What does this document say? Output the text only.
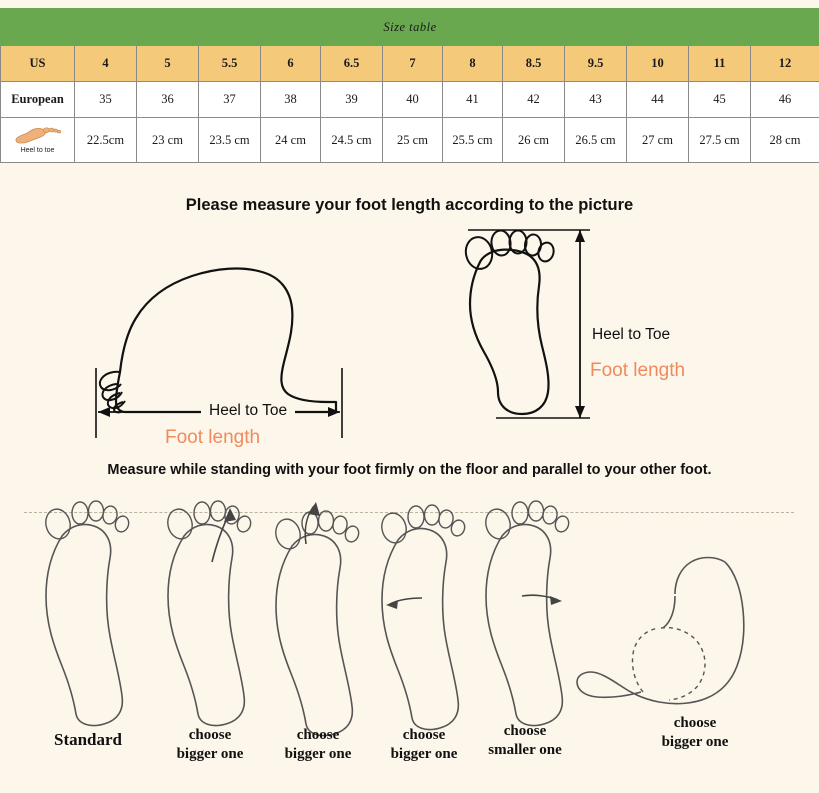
Size table												
US	4	5	5.5	6	6.5	7	8	8.5	9.5	10	11	12
European	35	36	37	38	39	40	41	42	43	44	45	46

Heel to toe	22.5cm	23 cm	23.5 cm	24 cm	24.5 cm	25 cm	25.5 cm	26 cm	26.5 cm	27 cm	27.5 cm	28 cm
Please measure your foot length according to the picture
Heel to Toe
Foot length
Heel to Toe
Foot length
Measure while standing with your foot firmly on the floor and parallel to your other foot.
Standard	choose
bigger one
choose
bigger one
choose
bigger one
choose
smaller one
choose
bigger one
